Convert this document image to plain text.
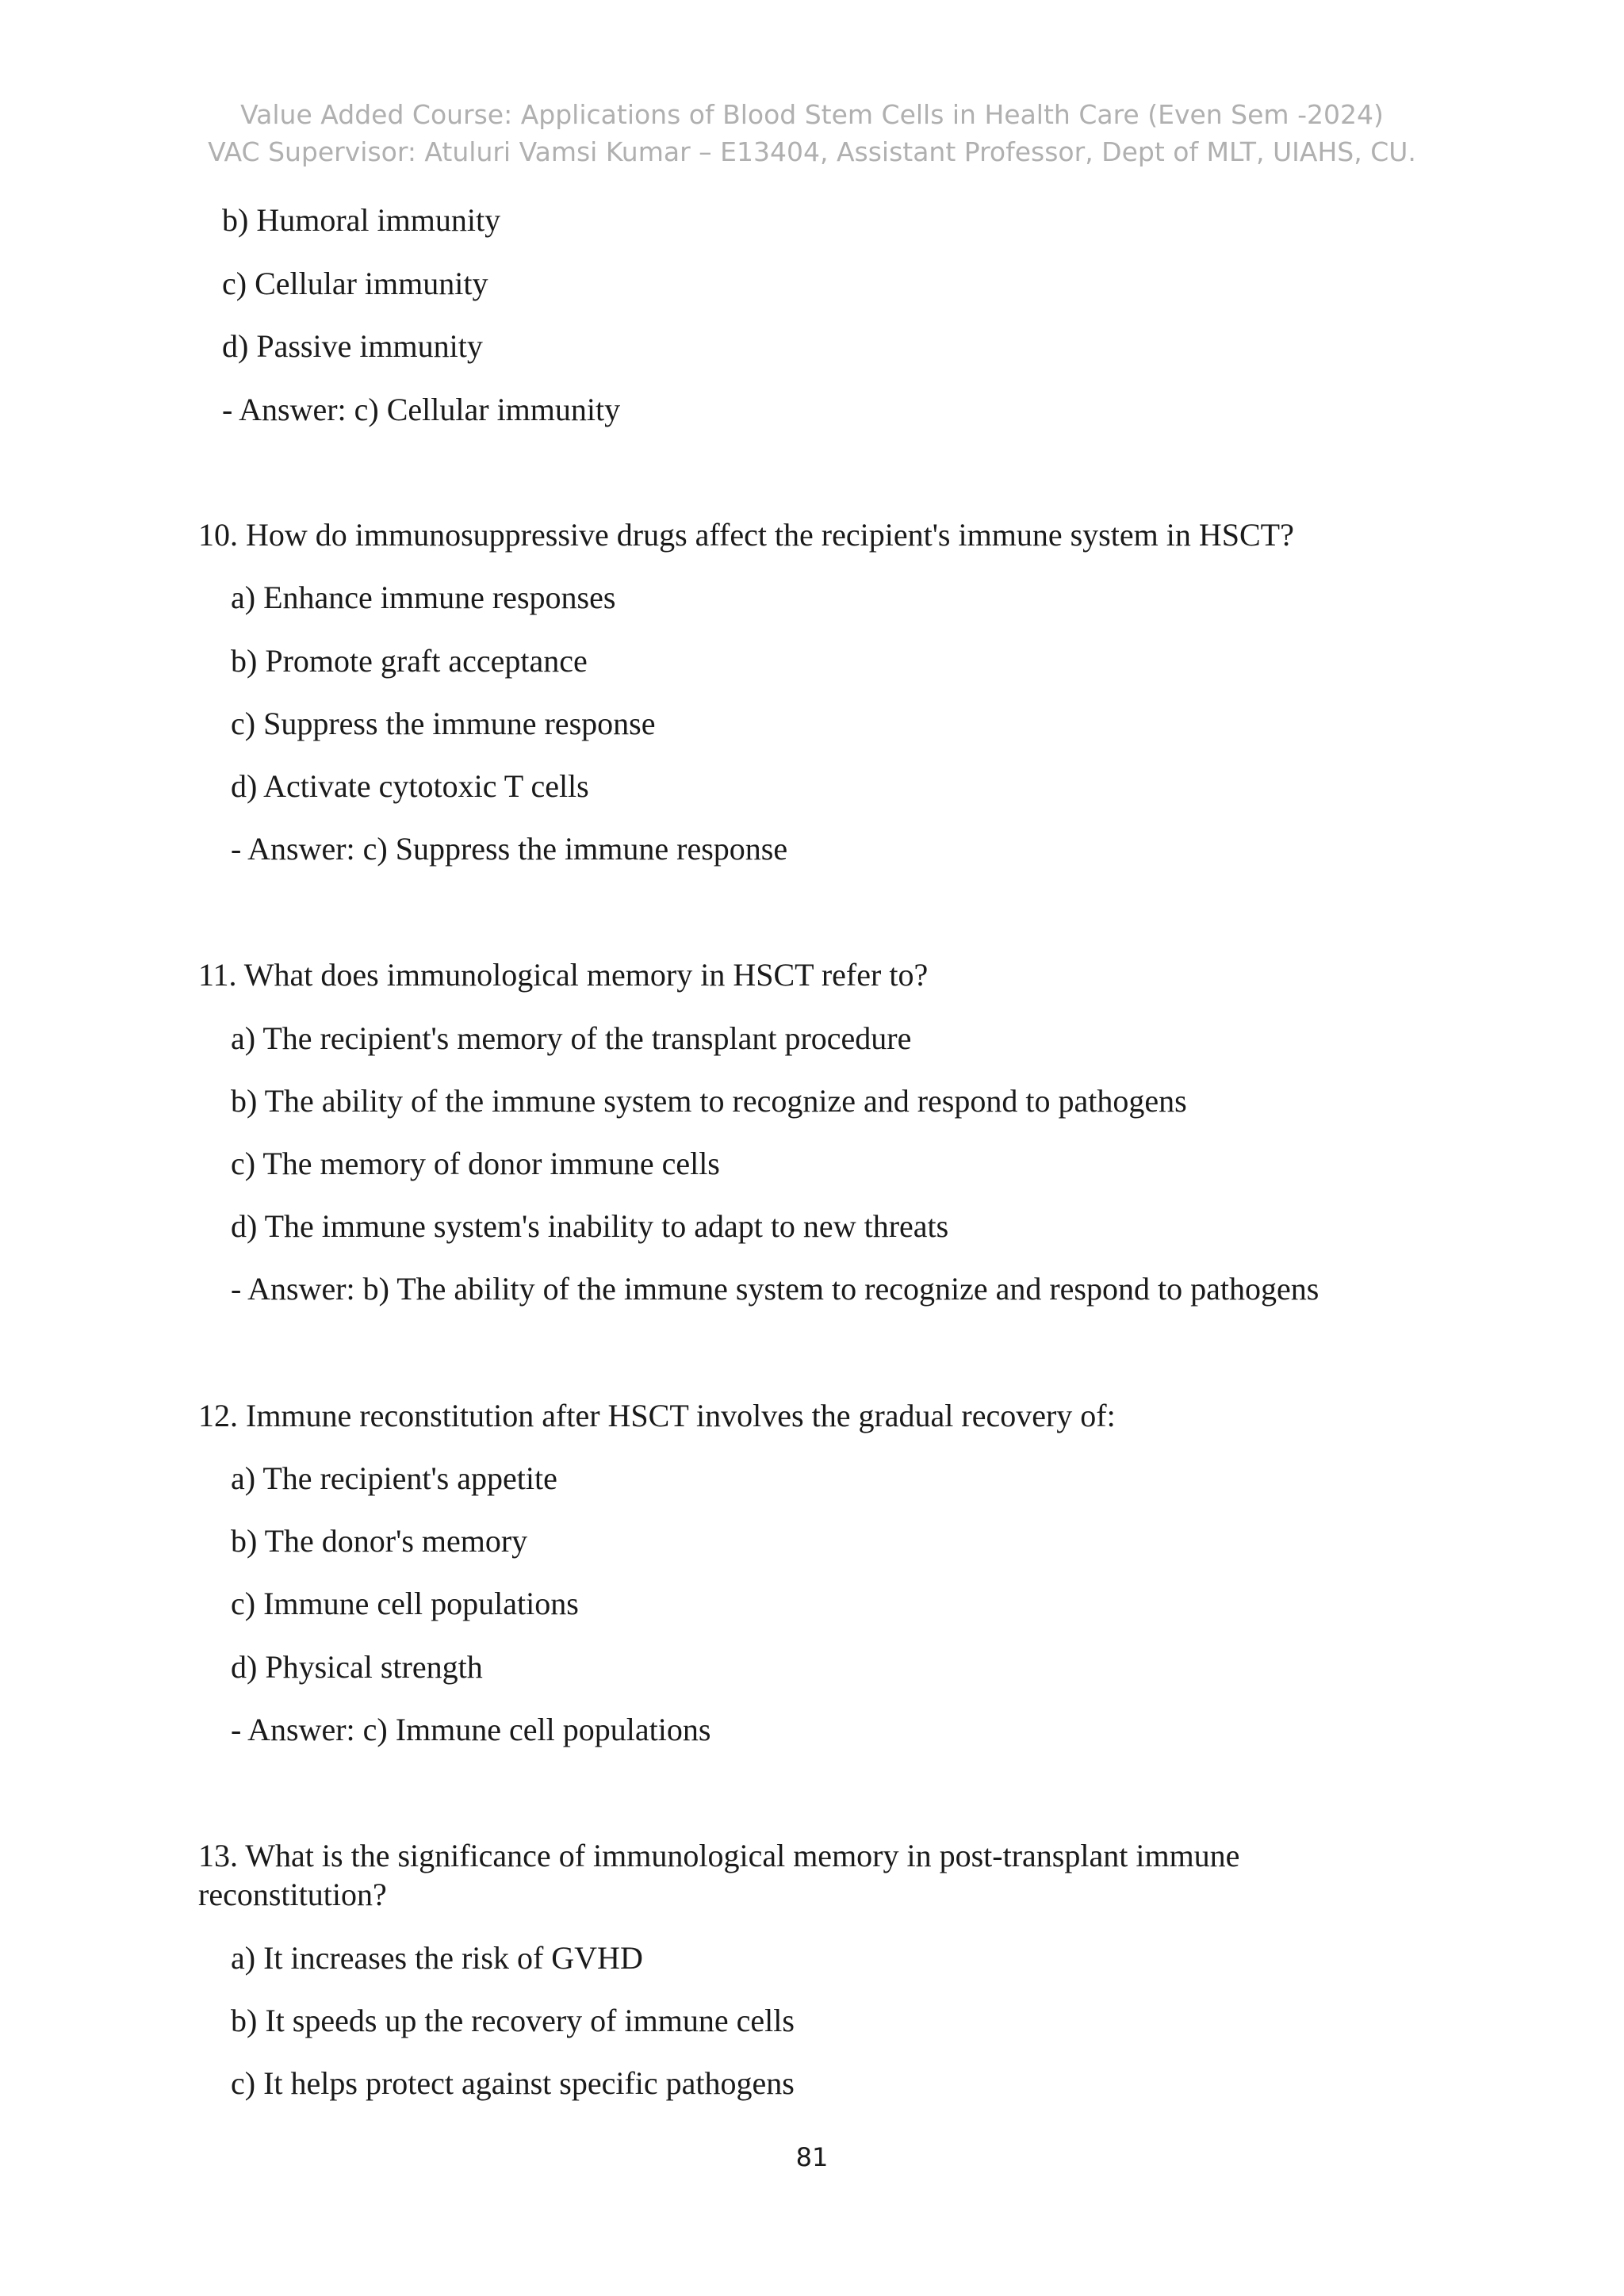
Value Added Course: Applications of Blood Stem Cells in Health Care (Even Sem -2024)
VAC Supervisor: Atuluri Vamsi Kumar – E13404, Assistant Professor, Dept of MLT, UIAHS, CU.
b) Humoral immunity
c) Cellular immunity
d) Passive immunity
- Answer: c) Cellular immunity
10. How do immunosuppressive drugs affect the recipient's immune system in HSCT?
a) Enhance immune responses
b) Promote graft acceptance
c) Suppress the immune response
d) Activate cytotoxic T cells
- Answer: c) Suppress the immune response
11. What does immunological memory in HSCT refer to?
a) The recipient's memory of the transplant procedure
b) The ability of the immune system to recognize and respond to pathogens
c) The memory of donor immune cells
d) The immune system's inability to adapt to new threats
- Answer: b) The ability of the immune system to recognize and respond to pathogens
12. Immune reconstitution after HSCT involves the gradual recovery of:
a) The recipient's appetite
b) The donor's memory
c) Immune cell populations
d) Physical strength
- Answer: c) Immune cell populations
13. What is the significance of immunological memory in post-transplant immune
reconstitution?
a) It increases the risk of GVHD
b) It speeds up the recovery of immune cells
c) It helps protect against specific pathogens
81
